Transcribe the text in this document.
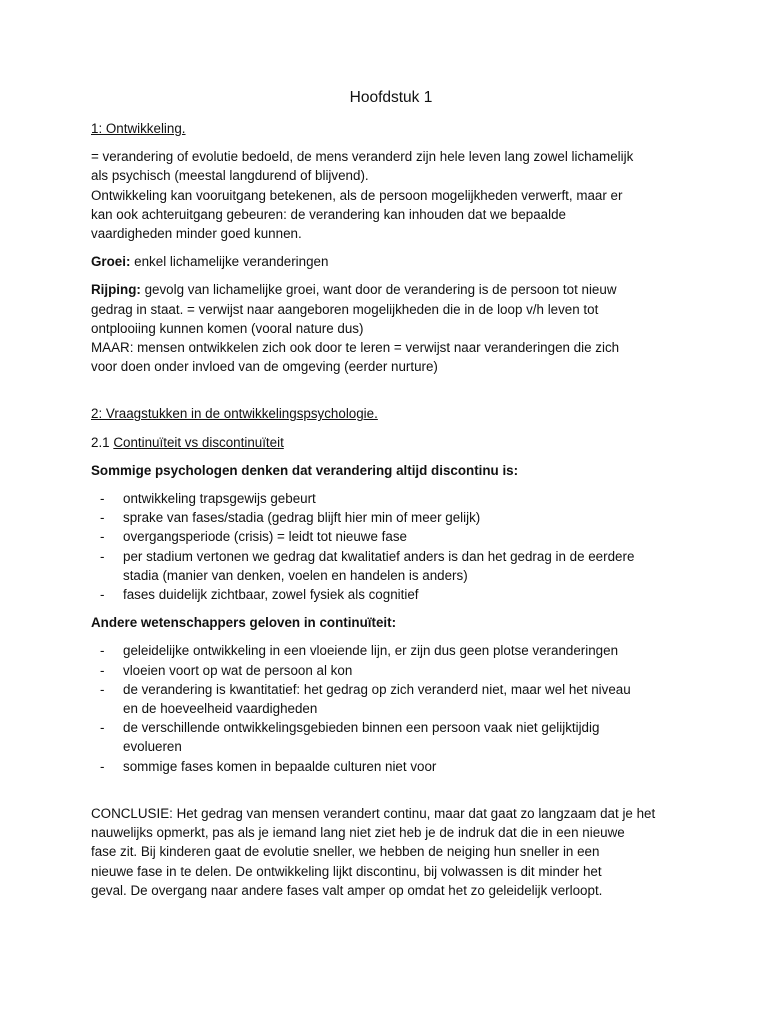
Hoofdstuk 1
1: Ontwikkeling.
= verandering of evolutie bedoeld, de mens veranderd zijn hele leven lang zowel lichamelijk
als psychisch (meestal langdurend of blijvend).
Ontwikkeling kan vooruitgang betekenen, als de persoon mogelijkheden verwerft, maar er
kan ook achteruitgang gebeuren: de verandering kan inhouden dat we bepaalde
vaardigheden minder goed kunnen.
Groei: enkel lichamelijke veranderingen
Rijping: gevolg van lichamelijke groei, want door de verandering is de persoon tot nieuw
gedrag in staat. = verwijst naar aangeboren mogelijkheden die in de loop v/h leven tot
ontplooiing kunnen komen (vooral nature dus)
MAAR: mensen ontwikkelen zich ook door te leren = verwijst naar veranderingen die zich
voor doen onder invloed van de omgeving (eerder nurture)
2: Vraagstukken in de ontwikkelingspsychologie.
2.1 Continuïteit vs discontinuïteit
Sommige psychologen denken dat verandering altijd discontinu is:
- ontwikkeling trapsgewijs gebeurt
- sprake van fases/stadia (gedrag blijft hier min of meer gelijk)
- overgangsperiode (crisis) = leidt tot nieuwe fase
- per stadium vertonen we gedrag dat kwalitatief anders is dan het gedrag in de eerdere
stadia (manier van denken, voelen en handelen is anders)
- fases duidelijk zichtbaar, zowel fysiek als cognitief
Andere wetenschappers geloven in continuïteit:
- geleidelijke ontwikkeling in een vloeiende lijn, er zijn dus geen plotse veranderingen
- vloeien voort op wat de persoon al kon
- de verandering is kwantitatief: het gedrag op zich veranderd niet, maar wel het niveau
en de hoeveelheid vaardigheden
- de verschillende ontwikkelingsgebieden binnen een persoon vaak niet gelijktijdig
evolueren
- sommige fases komen in bepaalde culturen niet voor
CONCLUSIE: Het gedrag van mensen verandert continu, maar dat gaat zo langzaam dat je het
nauwelijks opmerkt, pas als je iemand lang niet ziet heb je de indruk dat die in een nieuwe
fase zit. Bij kinderen gaat de evolutie sneller, we hebben de neiging hun sneller in een
nieuwe fase in te delen. De ontwikkeling lijkt discontinu, bij volwassen is dit minder het
geval. De overgang naar andere fases valt amper op omdat het zo geleidelijk verloopt.
